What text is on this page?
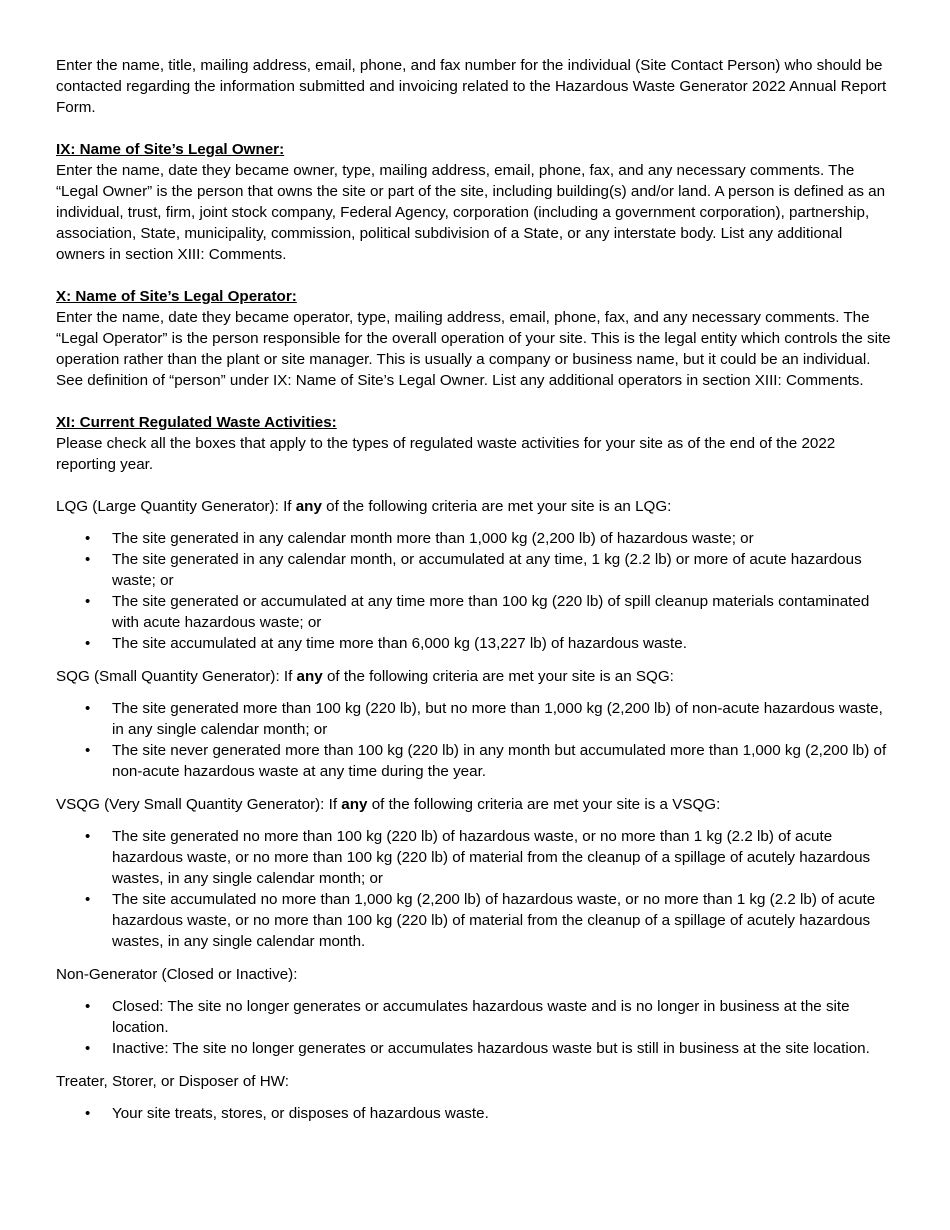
Enter the name, title, mailing address, email, phone, and fax number for the individual (Site Contact Person) who should be contacted regarding the information submitted and invoicing related to the Hazardous Waste Generator 2022 Annual Report Form.

IX: Name of Site’s Legal Owner:

Enter the name, date they became owner, type, mailing address, email, phone, fax, and any necessary comments. The “Legal Owner” is the person that owns the site or part of the site, including building(s) and/or land. A person is defined as an individual, trust, firm, joint stock company, Federal Agency, corporation (including a government corporation), partnership, association, State, municipality, commission, political subdivision of a State, or any interstate body. List any additional owners in section XIII: Comments.

X: Name of Site’s Legal Operator:

Enter the name, date they became operator, type, mailing address, email, phone, fax, and any necessary comments. The “Legal Operator” is the person responsible for the overall operation of your site. This is the legal entity which controls the site operation rather than the plant or site manager. This is usually a company or business name, but it could be an individual. See definition of “person” under IX: Name of Site’s Legal Owner. List any additional operators in section XIII: Comments.

XI: Current Regulated Waste Activities:

Please check all the boxes that apply to the types of regulated waste activities for your site as of the end of the 2022 reporting year.

LQG (Large Quantity Generator): If any of the following criteria are met your site is an LQG:

• The site generated in any calendar month more than 1,000 kg (2,200 lb) of hazardous waste; or
• The site generated in any calendar month, or accumulated at any time, 1 kg (2.2 lb) or more of acute hazardous waste; or
• The site generated or accumulated at any time more than 100 kg (220 lb) of spill cleanup materials contaminated with acute hazardous waste; or
• The site accumulated at any time more than 6,000 kg (13,227 lb) of hazardous waste.

SQG (Small Quantity Generator): If any of the following criteria are met your site is an SQG:

• The site generated more than 100 kg (220 lb), but no more than 1,000 kg (2,200 lb) of non-acute hazardous waste, in any single calendar month; or
• The site never generated more than 100 kg (220 lb) in any month but accumulated more than 1,000 kg (2,200 lb) of non-acute hazardous waste at any time during the year.

VSQG (Very Small Quantity Generator): If any of the following criteria are met your site is a VSQG:

• The site generated no more than 100 kg (220 lb) of hazardous waste, or no more than 1 kg (2.2 lb) of acute hazardous waste, or no more than 100 kg (220 lb) of material from the cleanup of a spillage of acutely hazardous wastes, in any single calendar month; or
• The site accumulated no more than 1,000 kg (2,200 lb) of hazardous waste, or no more than 1 kg (2.2 lb) of acute hazardous waste, or no more than 100 kg (220 lb) of material from the cleanup of a spillage of acutely hazardous wastes, in any single calendar month.

Non-Generator (Closed or Inactive):

• Closed: The site no longer generates or accumulates hazardous waste and is no longer in business at the site location.
• Inactive: The site no longer generates or accumulates hazardous waste but is still in business at the site location.

Treater, Storer, or Disposer of HW:

• Your site treats, stores, or disposes of hazardous waste.
